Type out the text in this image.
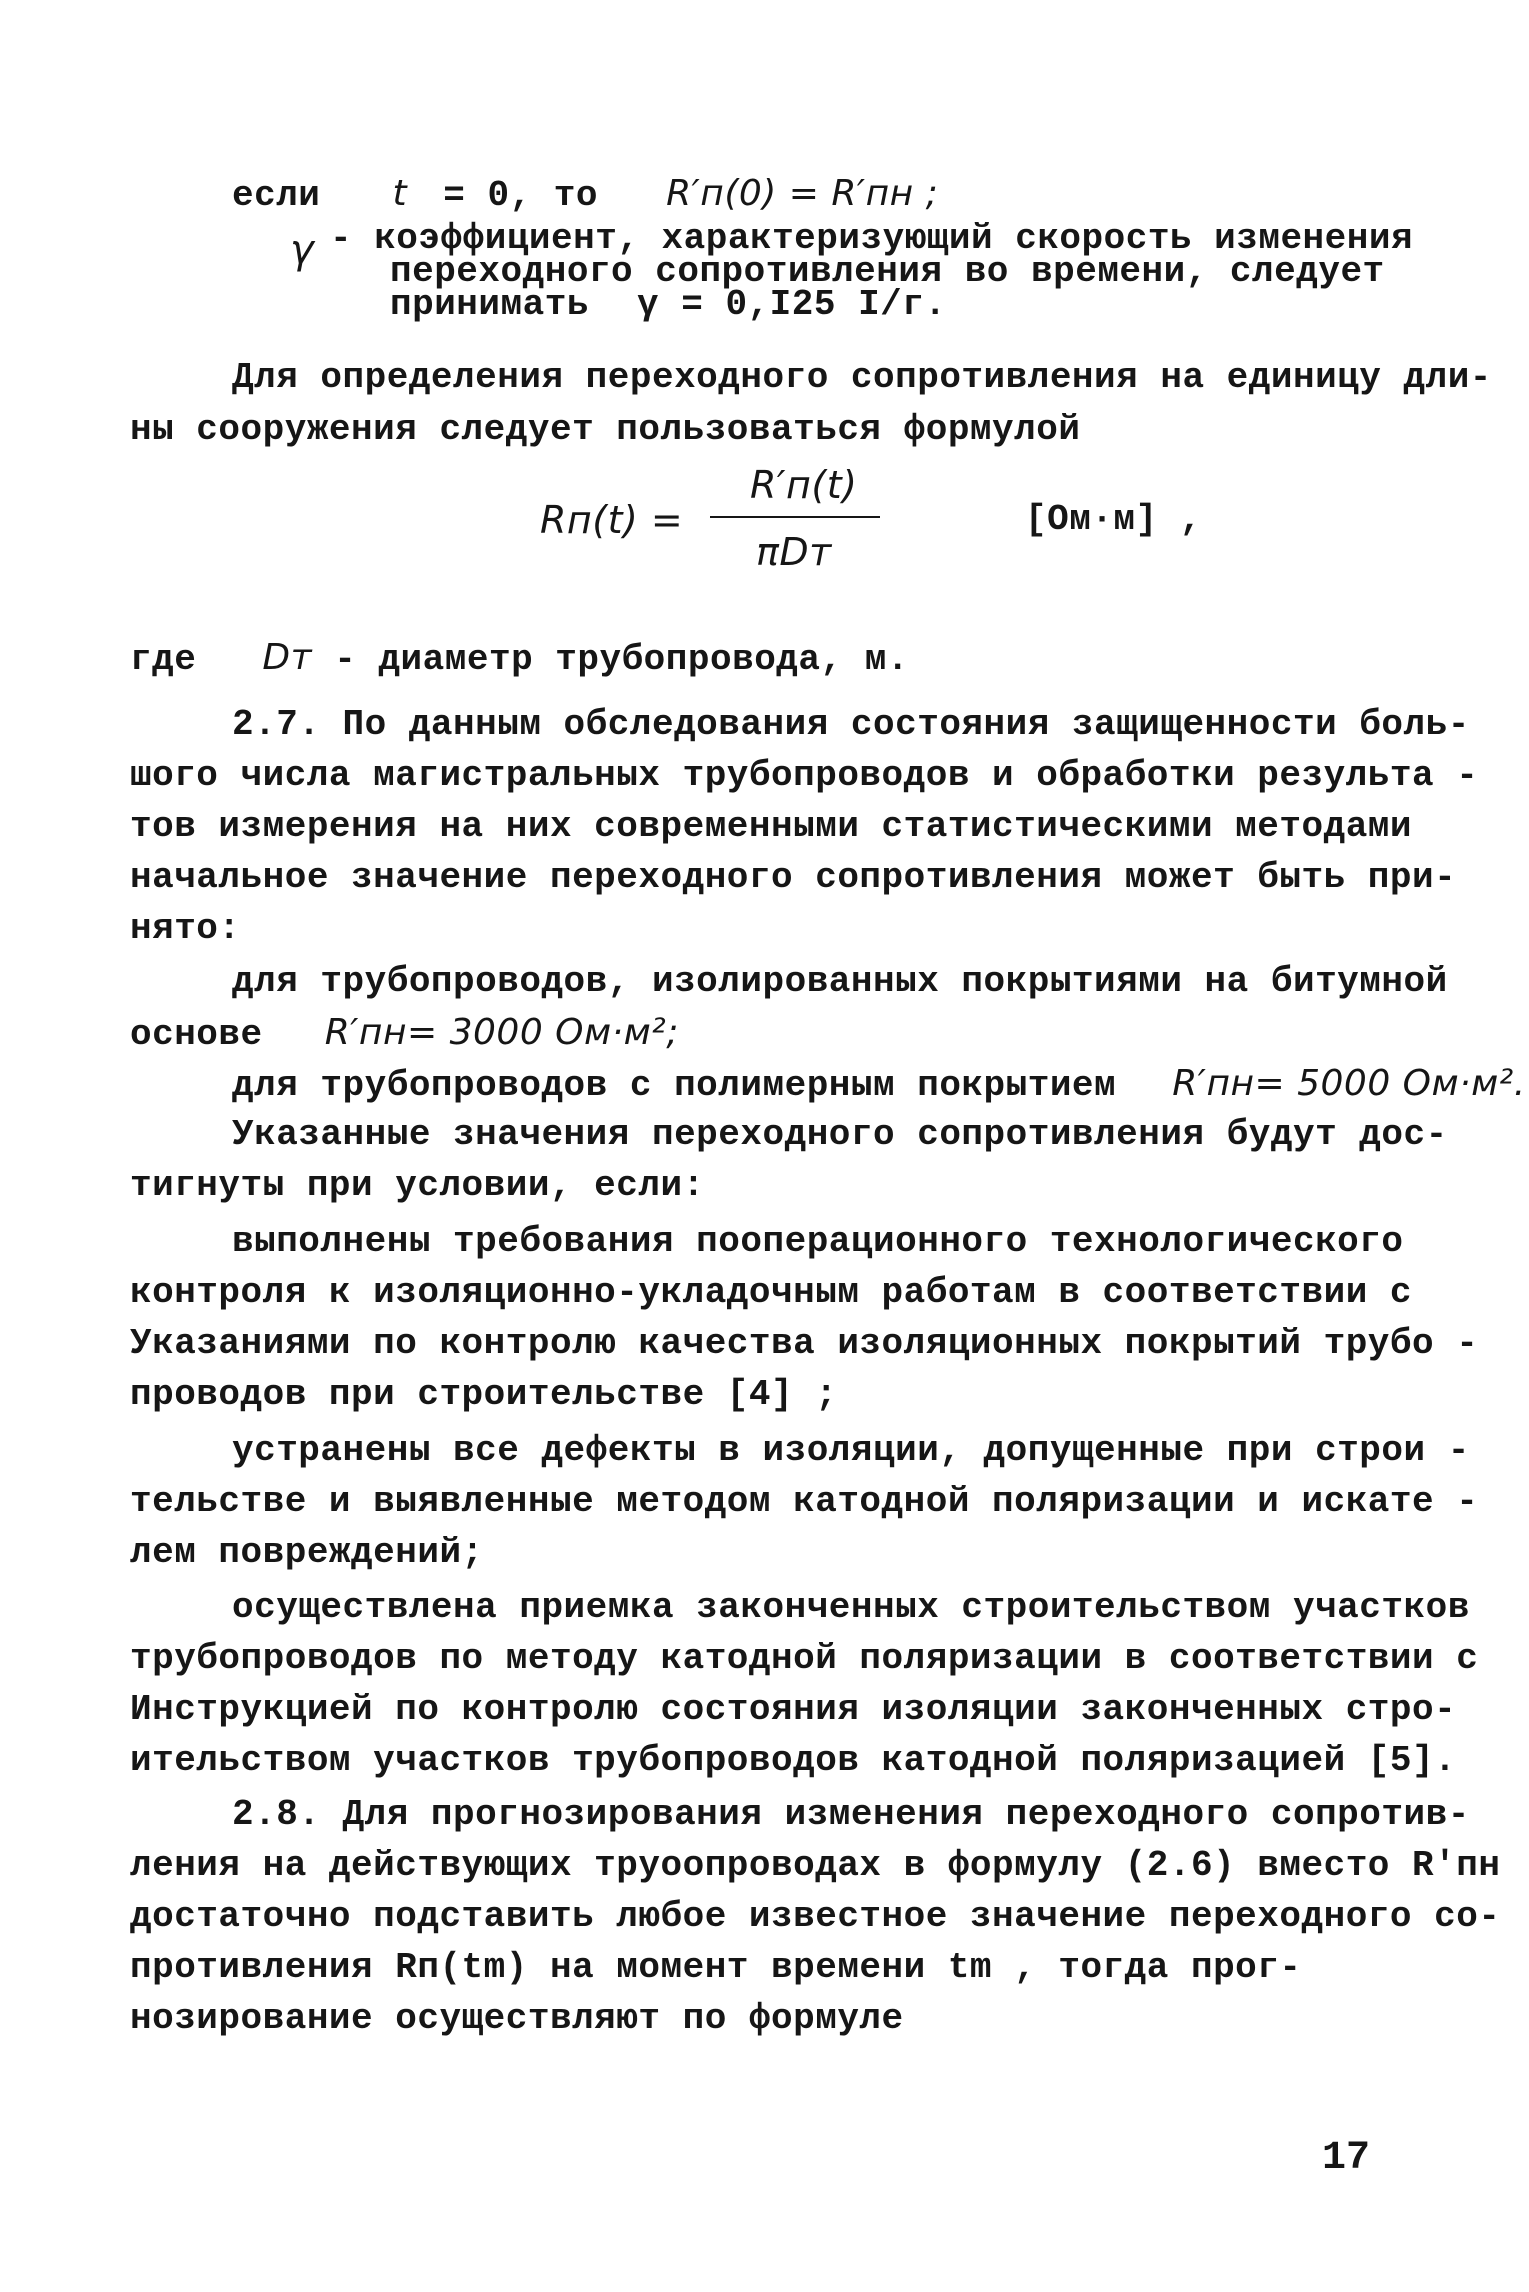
если t = 0, то R′п(0) = R′пн ;
γ - коэффициент, характеризующий скорость изменения
переходного сопротивления во времени, следует
принимать γ = 0,I25 I/г.
Для определения переходного сопротивления на единицу дли-
ны сооружения следует пользоваться формулой
Rп(t) =
R′п(t)
πDт
[Ом·м] ,
где Dт - диаметр трубопровода, м.
2.7. По данным обследования состояния защищенности боль-
шого числа магистральных трубопроводов и обработки результа -
тов измерения на них современными статистическими методами
начальное значение переходного сопротивления может быть при-
нято:
для трубопроводов, изолированных покрытиями на битумной
основе R′пн= 3000 Ом·м²;
для трубопроводов с полимерным покрытием R′пн= 5000 Ом·м².
Указанные значения переходного сопротивления будут дос-
тигнуты при условии, если:
выполнены требования пооперационного технологического
контроля к изоляционно-укладочным работам в соответствии с
Указаниями по контролю качества изоляционных покрытий трубо -
проводов при строительстве [4] ;
устранены все дефекты в изоляции, допущенные при строи -
тельстве и выявленные методом катодной поляризации и искате -
лем повреждений;
осуществлена приемка законченных строительством участков
трубопроводов по методу катодной поляризации в соответствии с
Инструкцией по контролю состояния изоляции законченных стро-
ительством участков трубопроводов катодной поляризацией [5].
2.8. Для прогнозирования изменения переходного сопротив-
ления на действующих труоопроводах в формулу (2.6) вместо R′пн
достаточно подставить любое известное значение переходного со-
противления Rп(tm) на момент времени tm , тогда прог-
нозирование осуществляют по формуле
17
